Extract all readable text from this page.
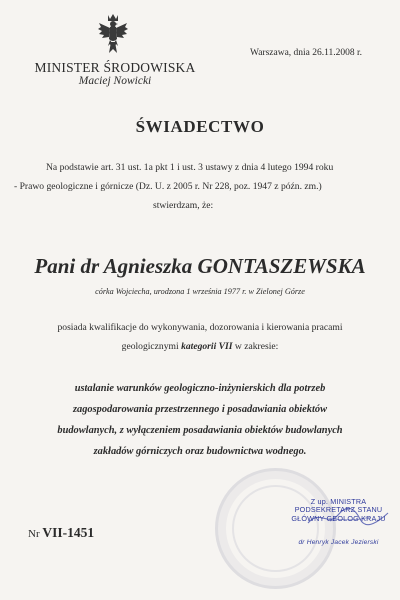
MINISTER ŚRODOWISKA
Maciej Nowicki
Warszawa, dnia 26.11.2008 r.
ŚWIADECTWO
Na podstawie art. 31 ust. 1a pkt 1 i ust. 3 ustawy z dnia 4 lutego 1994 roku
- Prawo geologiczne i górnicze (Dz. U. z 2005 r. Nr 228, poz. 1947 z późn. zm.)
stwierdzam, że:
Pani dr Agnieszka GONTASZEWSKA
córka Wojciecha, urodzona 1 września 1977 r. w Zielonej Górze
posiada kwalifikacje do wykonywania, dozorowania i kierowania pracami
geologicznymi kategorii VII w zakresie:
ustalanie warunków geologiczno-inżynierskich dla potrzeb
zagospodarowania przestrzennego i posadawiania obiektów
budowlanych, z wyłączeniem posadawiania obiektów budowlanych
zakładów górniczych oraz budownictwa wodnego.
Z up. MINISTRA
PODSEKRETARZ STANU
GŁÓWNY GEOLOG KRAJU
dr Henryk Jacek Jezierski
Nr VII-1451
